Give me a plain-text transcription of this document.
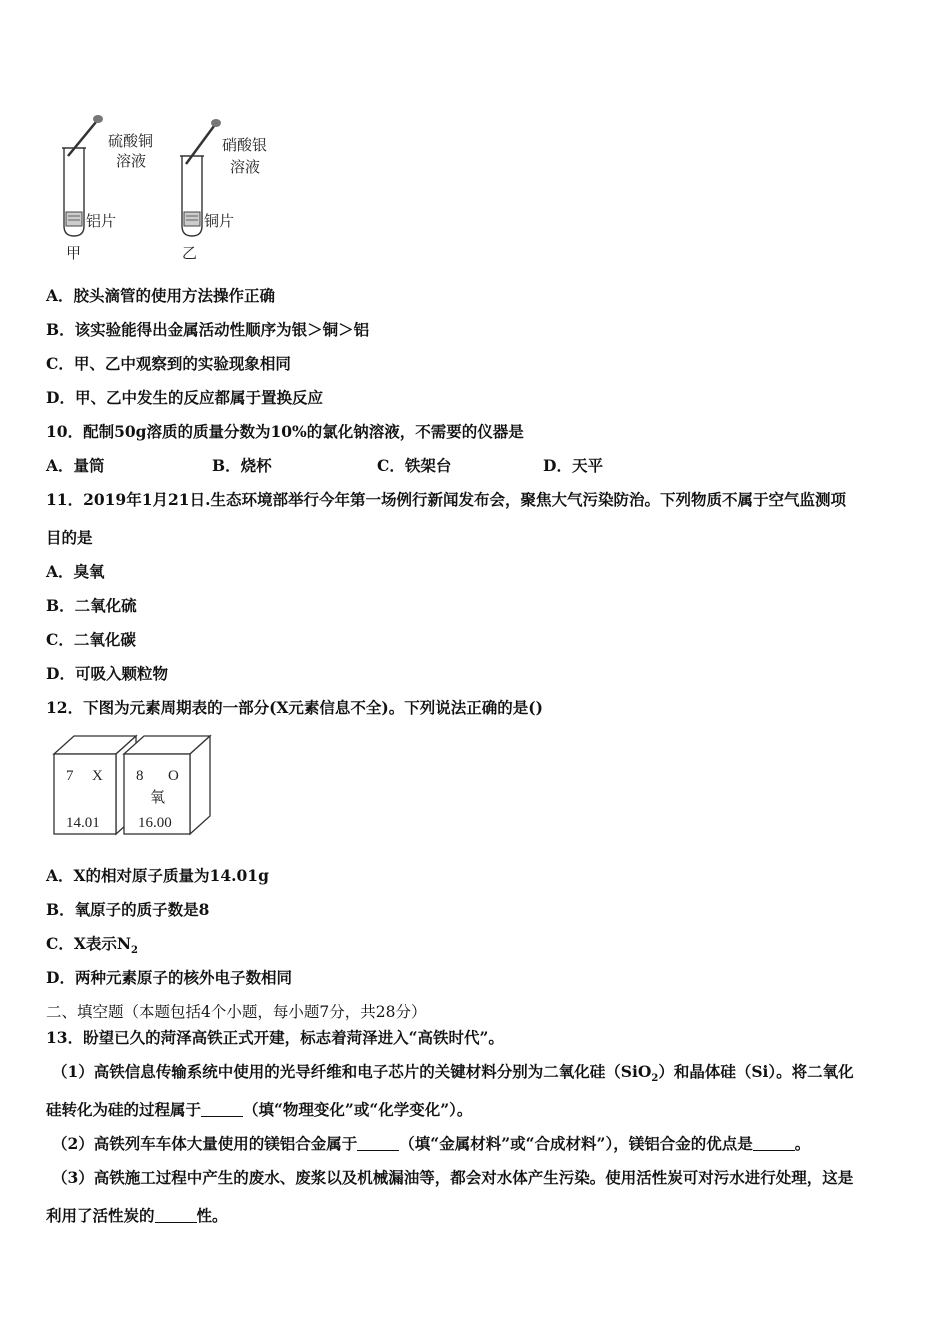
硫酸铜
溶液
铝片
甲
硝酸银
溶液
铜片
乙
A．胶头滴管的使用方法操作正确
B．该实验能得出金属活动性顺序为银＞铜＞铝
C．甲、乙中观察到的实验现象相同
D．甲、乙中发生的反应都属于置换反应
10．配制50g溶质的质量分数为10%的氯化钠溶液，不需要的仪器是
A．量筒	B．烧杯	C．铁架台	D．天平
11．2019年1月21日.生态环境部举行今年第一场例行新闻发布会，聚焦大气污染防治。下列物质不属于空气监测项
目的是
A．臭氧
B．二氧化硫
C．二氧化碳
D．可吸入颗粒物
12．下图为元素周期表的一部分(X元素信息不全)。下列说法正确的是()
7 X
14.01
8 O
氧
16.00
A．X的相对原子质量为14.01g
B．氧原子的质子数是8
C．X表示$N_2$
D．两种元素原子的核外电子数相同
二、填空题（本题包括4个小题，每小题7分，共28分）
13．盼望已久的菏泽高铁正式开建，标志着菏泽进入“高铁时代”。
（1）高铁信息传输系统中使用的光导纤维和电子芯片的关键材料分别为二氧化硅（SiO$_2$）和晶体硅（Si）。将二氧化
硅转化为硅的过程属于	（填“物理变化”或“化学变化”）。
（2）高铁列车车体大量使用的镁铝合金属于	（填“金属材料”或“合成材料”），镁铝合金的优点是	。
（3）高铁施工过程中产生的废水、废浆以及机械漏油等，都会对水体产生污染。使用活性炭可对污水进行处理，这是
利用了活性炭的	性。
